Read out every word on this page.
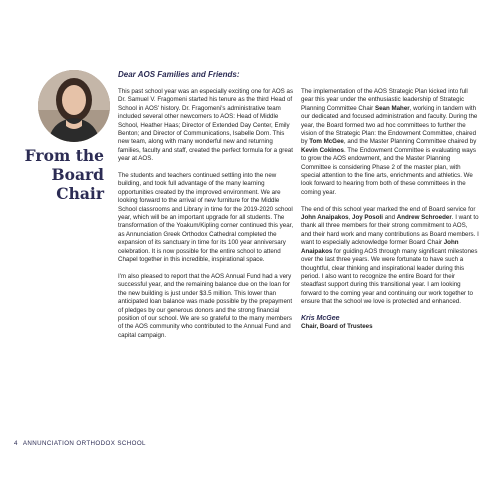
From the
Board
Chair
Dear AOS Families and Friends:

This past school year was an especially exciting one for AOS as Dr. Samuel V. Fragomeni started his tenure as the third Head of School in AOS' history. Dr. Fragomeni's administrative team included several other newcomers to AOS: Head of Middle School, Heather Haas; Director of Extended Day Center, Emily Benton; and Director of Communications, Isabelle Dorn. This new team, along with many wonderful new and returning families, faculty and staff, created the perfect formula for a great year at AOS.

The students and teachers continued settling into the new building, and took full advantage of the many learning opportunities created by the improved environment. We are looking forward to the arrival of new furniture for the Middle School classrooms and Library in time for the 2019-2020 school year, which will be an important upgrade for all students. The transformation of the Yoakum/Kipling corner continued this year, as Annunciation Greek Orthodox Cathedral completed the expansion of its sanctuary in time for its 100 year anniversary celebration. It is now possible for the entire school to attend Chapel together in this incredible, inspirational space.

I'm also pleased to report that the AOS Annual Fund had a very successful year, and the remaining balance due on the loan for the new building is just under $3.5 million. This lower than anticipated loan balance was made possible by the prepayment of pledges by our generous donors and the strong financial position of our school. We are so grateful to the many members of the AOS community who contributed to the Annual Fund and capital campaign.

The implementation of the AOS Strategic Plan kicked into full gear this year under the enthusiastic leadership of Strategic Planning Committee Chair Sean Maher, working in tandem with our dedicated and focused administration and faculty. During the year, the Board formed two ad hoc committees to further the vision of the Strategic Plan: the Endowment Committee, chaired by Tom McGee, and the Master Planning Committee chaired by Kevin Cokinos. The Endowment Committee is evaluating ways to grow the AOS endowment, and the Master Planning Committee is considering Phase 2 of the master plan, with special attention to the fine arts, enrichments and athletics. We look forward to hearing from both of these committees in the coming year.

The end of this school year marked the end of Board service for John Anaipakos, Joy Posoli and Andrew Schroeder. I want to thank all three members for their strong commitment to AOS, and their hard work and many contributions as Board members. I want to especially acknowledge former Board Chair John Anaipakos for guiding AOS through many significant milestones over the last three years. We were fortunate to have such a thoughtful, clear thinking and inspirational leader during this period. I also want to recognize the entire Board for their steadfast support during this transitional year. I am looking forward to the coming year and continuing our work together to ensure that the school we love is protected and enhanced.

Kris McGee
Chair, Board of Trustees
4 ANNUNCIATION ORTHODOX SCHOOL
